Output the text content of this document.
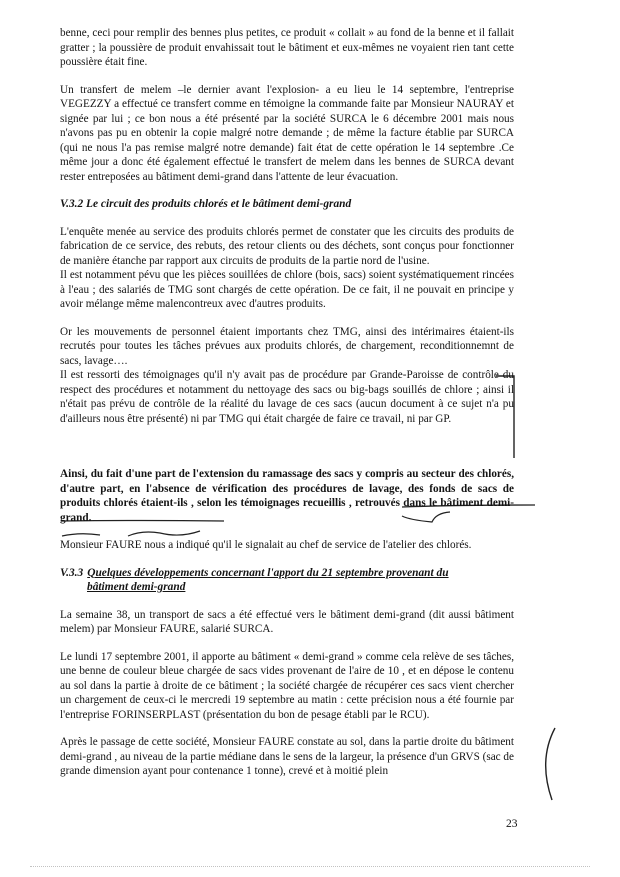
benne, ceci pour remplir des bennes plus petites, ce produit « collait » au fond de la benne et il fallait gratter ; la poussière de produit envahissait tout le bâtiment et eux-mêmes ne voyaient rien tant cette poussière était fine.

Un transfert de melem –le dernier avant l'explosion- a eu lieu le 14 septembre, l'entreprise VEGEZZY a effectué ce transfert comme en témoigne la commande faite par Monsieur NAURAY et signée par lui ; ce bon nous a été présenté par la société SURCA le 6 décembre 2001 mais nous n'avons pas pu en obtenir la copie malgré notre demande ; de même la facture établie par SURCA (qui ne nous l'a pas remise malgré notre demande) fait état de cette opération le 14 septembre .Ce même jour a donc été également effectué le transfert de melem dans les bennes de SURCA devant rester entreposées au bâtiment demi-grand dans l'attente de leur évacuation.

V.3.2 Le circuit des produits chlorés et le bâtiment demi-grand

L'enquête menée au service des produits chlorés permet de constater que les circuits des produits de fabrication de ce service, des rebuts, des retour clients ou des déchets, sont conçus pour fonctionner de manière étanche par rapport aux circuits de produits de la partie nord de l'usine.

Il est notamment pévu que les pièces souillées de chlore (bois, sacs) soient systématiquement rincées à l'eau ; des salariés de TMG sont chargés de cette opération. De ce fait, il ne pouvait en principe y avoir mélange même malencontreux avec d'autres produits.

Or les mouvements de personnel étaient importants chez TMG, ainsi des intérimaires étaient-ils recrutés pour toutes les tâches prévues aux produits chlorés, de chargement, reconditionnemnt de sacs, lavage….

Il est ressorti des témoignages qu'il n'y avait pas de procédure par Grande-Paroisse de contrôle du respect des procédures et notamment du nettoyage des sacs ou big-bags souillés de chlore ; ainsi il n'était pas prévu de contrôle de la réalité du lavage de ces sacs (aucun document à ce sujet n'a pu d'ailleurs nous être présenté) ni par TMG qui était chargée de faire ce travail, ni par GP.

Ainsi, du fait d'une part de l'extension du ramassage des sacs y compris au secteur des chlorés, d'autre part, en l'absence de vérification des procédures de lavage, des fonds de sacs de produits chlorés étaient-ils , selon les témoignages recueillis , retrouvés dans le bâtiment demi-grand.

Monsieur FAURE nous a indiqué qu'il le signalait au chef de service de l'atelier des chlorés.

V.3.3 Quelques développements concernant l'apport du 21 septembre provenant du
bâtiment demi-grand

La semaine 38, un transport de sacs a été effectué vers le bâtiment demi-grand (dit aussi bâtiment melem) par Monsieur FAURE, salarié SURCA.

Le lundi 17 septembre 2001, il apporte au bâtiment « demi-grand » comme cela relève de ses tâches, une benne de couleur bleue chargée de sacs vides provenant de l'aire de 10 , et en dépose le contenu au sol dans la partie à droite de ce bâtiment ; la société chargée de récupérer ces sacs vient chercher un chargement de ceux-ci le mercredi 19 septembre au matin : cette précision nous a été fournie par l'entreprise FORINSERPLAST (présentation du bon de pesage établi par le RCU).

Après le passage de cette société, Monsieur FAURE constate au sol, dans la partie droite du bâtiment demi-grand , au niveau de la partie médiane dans le sens de la largeur, la présence d'un GRVS (sac de grande dimension ayant pour contenance 1 tonne), crevé et à moitié plein

23
